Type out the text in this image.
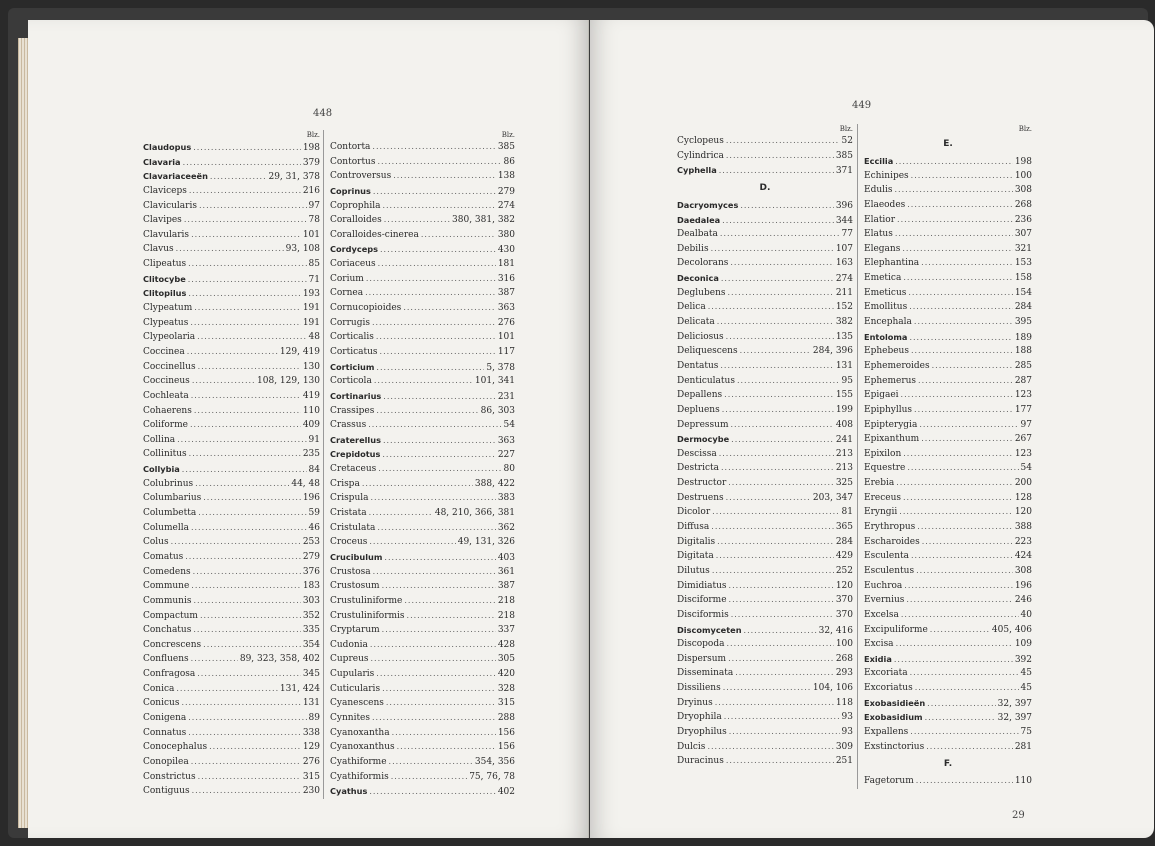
448
Blz.
Claudopus .....	198
Clavaria .....	379
Clavariaceeën .....	29, 31, 378
Claviceps .....	216
Clavicularis .....	97
Clavipes .....	78
Clavularis .....	101
Clavus .....	93, 108
Clipeatus .....	85
Clitocybe .....	71
Clitopilus .....	193
Clypeatum .....	191
Clypeatus .....	191
Clypeolaria .....	48
Coccinea .....	129, 419
Coccinellus .....	130
Coccineus .....	108, 129, 130
Cochleata .....	419
Cohaerens .....	110
Coliforme .....	409
Collina .....	91
Collinitus .....	235
Collybia .....	84
Colubrinus .....	44, 48
Columbarius .....	196
Columbetta .....	59
Columella .....	46
Colus .....	253
Comatus .....	279
Comedens .....	376
Commune .....	183
Communis .....	303
Compactum .....	352
Conchatus .....	335
Concrescens .....	354
Confluens .....	89, 323, 358, 402
Confragosa .....	345
Conica .....	131, 424
Conicus .....	131
Conigena .....	89
Connatus .....	338
Conocephalus .....	129
Conopilea .....	276
Constrictus .....	315
Contiguus .....	230
Blz.
Contorta .....	385
Contortus .....	86
Controversus .....	138
Coprinus .....	279
Coprophila .....	274
Coralloides .....	380, 381, 382
Coralloides-cinerea .....	380
Cordyceps .....	430
Coriaceus .....	181
Corium .....	316
Cornea .....	387
Cornucopioides .....	363
Corrugis .....	276
Corticalis .....	101
Corticatus .....	117
Corticium .....	5, 378
Corticola .....	101, 341
Cortinarius .....	231
Crassipes .....	86, 303
Crassus .....	54
Craterellus .....	363
Crepidotus .....	227
Cretaceus .....	80
Crispa .....	388, 422
Crispula .....	383
Cristata .....	48, 210, 366, 381
Cristulata .....	362
Croceus .....	49, 131, 326
Crucibulum .....	403
Crustosa .....	361
Crustosum .....	387
Crustuliniforme .....	218
Crustuliniformis .....	218
Cryptarum .....	337
Cudonia .....	428
Cupreus .....	305
Cupularis .....	420
Cuticularis .....	328
Cyanescens .....	315
Cynnites .....	288
Cyanoxantha .....	156
Cyanoxanthus .....	156
Cyathiforme .....	354, 356
Cyathiformis .....	75, 76, 78
Cyathus .....	402
449
Blz.
Cyclopeus .....	52
Cylindrica .....	385
Cyphella .....	371
D.
Dacryomyces .....	396
Daedalea .....	344
Dealbata .....	77
Debilis .....	107
Decolorans .....	163
Deconica .....	274
Deglubens .....	211
Delica .....	152
Delicata .....	382
Deliciosus .....	135
Deliquescens .....	284, 396
Dentatus .....	131
Denticulatus .....	95
Depallens .....	155
Depluens .....	199
Depressum .....	408
Dermocybe .....	241
Descissa .....	213
Destricta .....	213
Destructor .....	325
Destruens .....	203, 347
Dicolor .....	81
Diffusa .....	365
Digitalis .....	284
Digitata .....	429
Dilutus .....	252
Dimidiatus .....	120
Disciforme .....	370
Disciformis .....	370
Discomyceten .....	32, 416
Discopoda .....	100
Dispersum .....	268
Disseminata .....	293
Dissiliens .....	104, 106
Dryinus .....	118
Dryophila .....	93
Dryophilus .....	93
Dulcis .....	309
Duracinus .....	251
Blz.
E.
Eccilia .....	198
Echinipes .....	100
Edulis .....	308
Elaeodes .....	268
Elatior .....	236
Elatus .....	307
Elegans .....	321
Elephantina .....	153
Emetica .....	158
Emeticus .....	154
Emollitus .....	284
Encephala .....	395
Entoloma .....	189
Ephebeus .....	188
Ephemeroides .....	285
Ephemerus .....	287
Epigaei .....	123
Epiphyllus .....	177
Epipterygia .....	97
Epixanthum .....	267
Epixilon .....	123
Equestre .....	54
Erebia .....	200
Ereceus .....	128
Eryngii .....	120
Erythropus .....	388
Escharoides .....	223
Esculenta .....	424
Esculentus .....	308
Euchroa .....	196
Evernius .....	246
Excelsa .....	40
Excipuliforme .....	405, 406
Excisa .....	109
Exidia .....	392
Excoriata .....	45
Excoriatus .....	45
Exobasidieën .....	32, 397
Exobasidium .....	32, 397
Expallens .....	75
Exstinctorius .....	281
F.
Fagetorum .....	110
29
